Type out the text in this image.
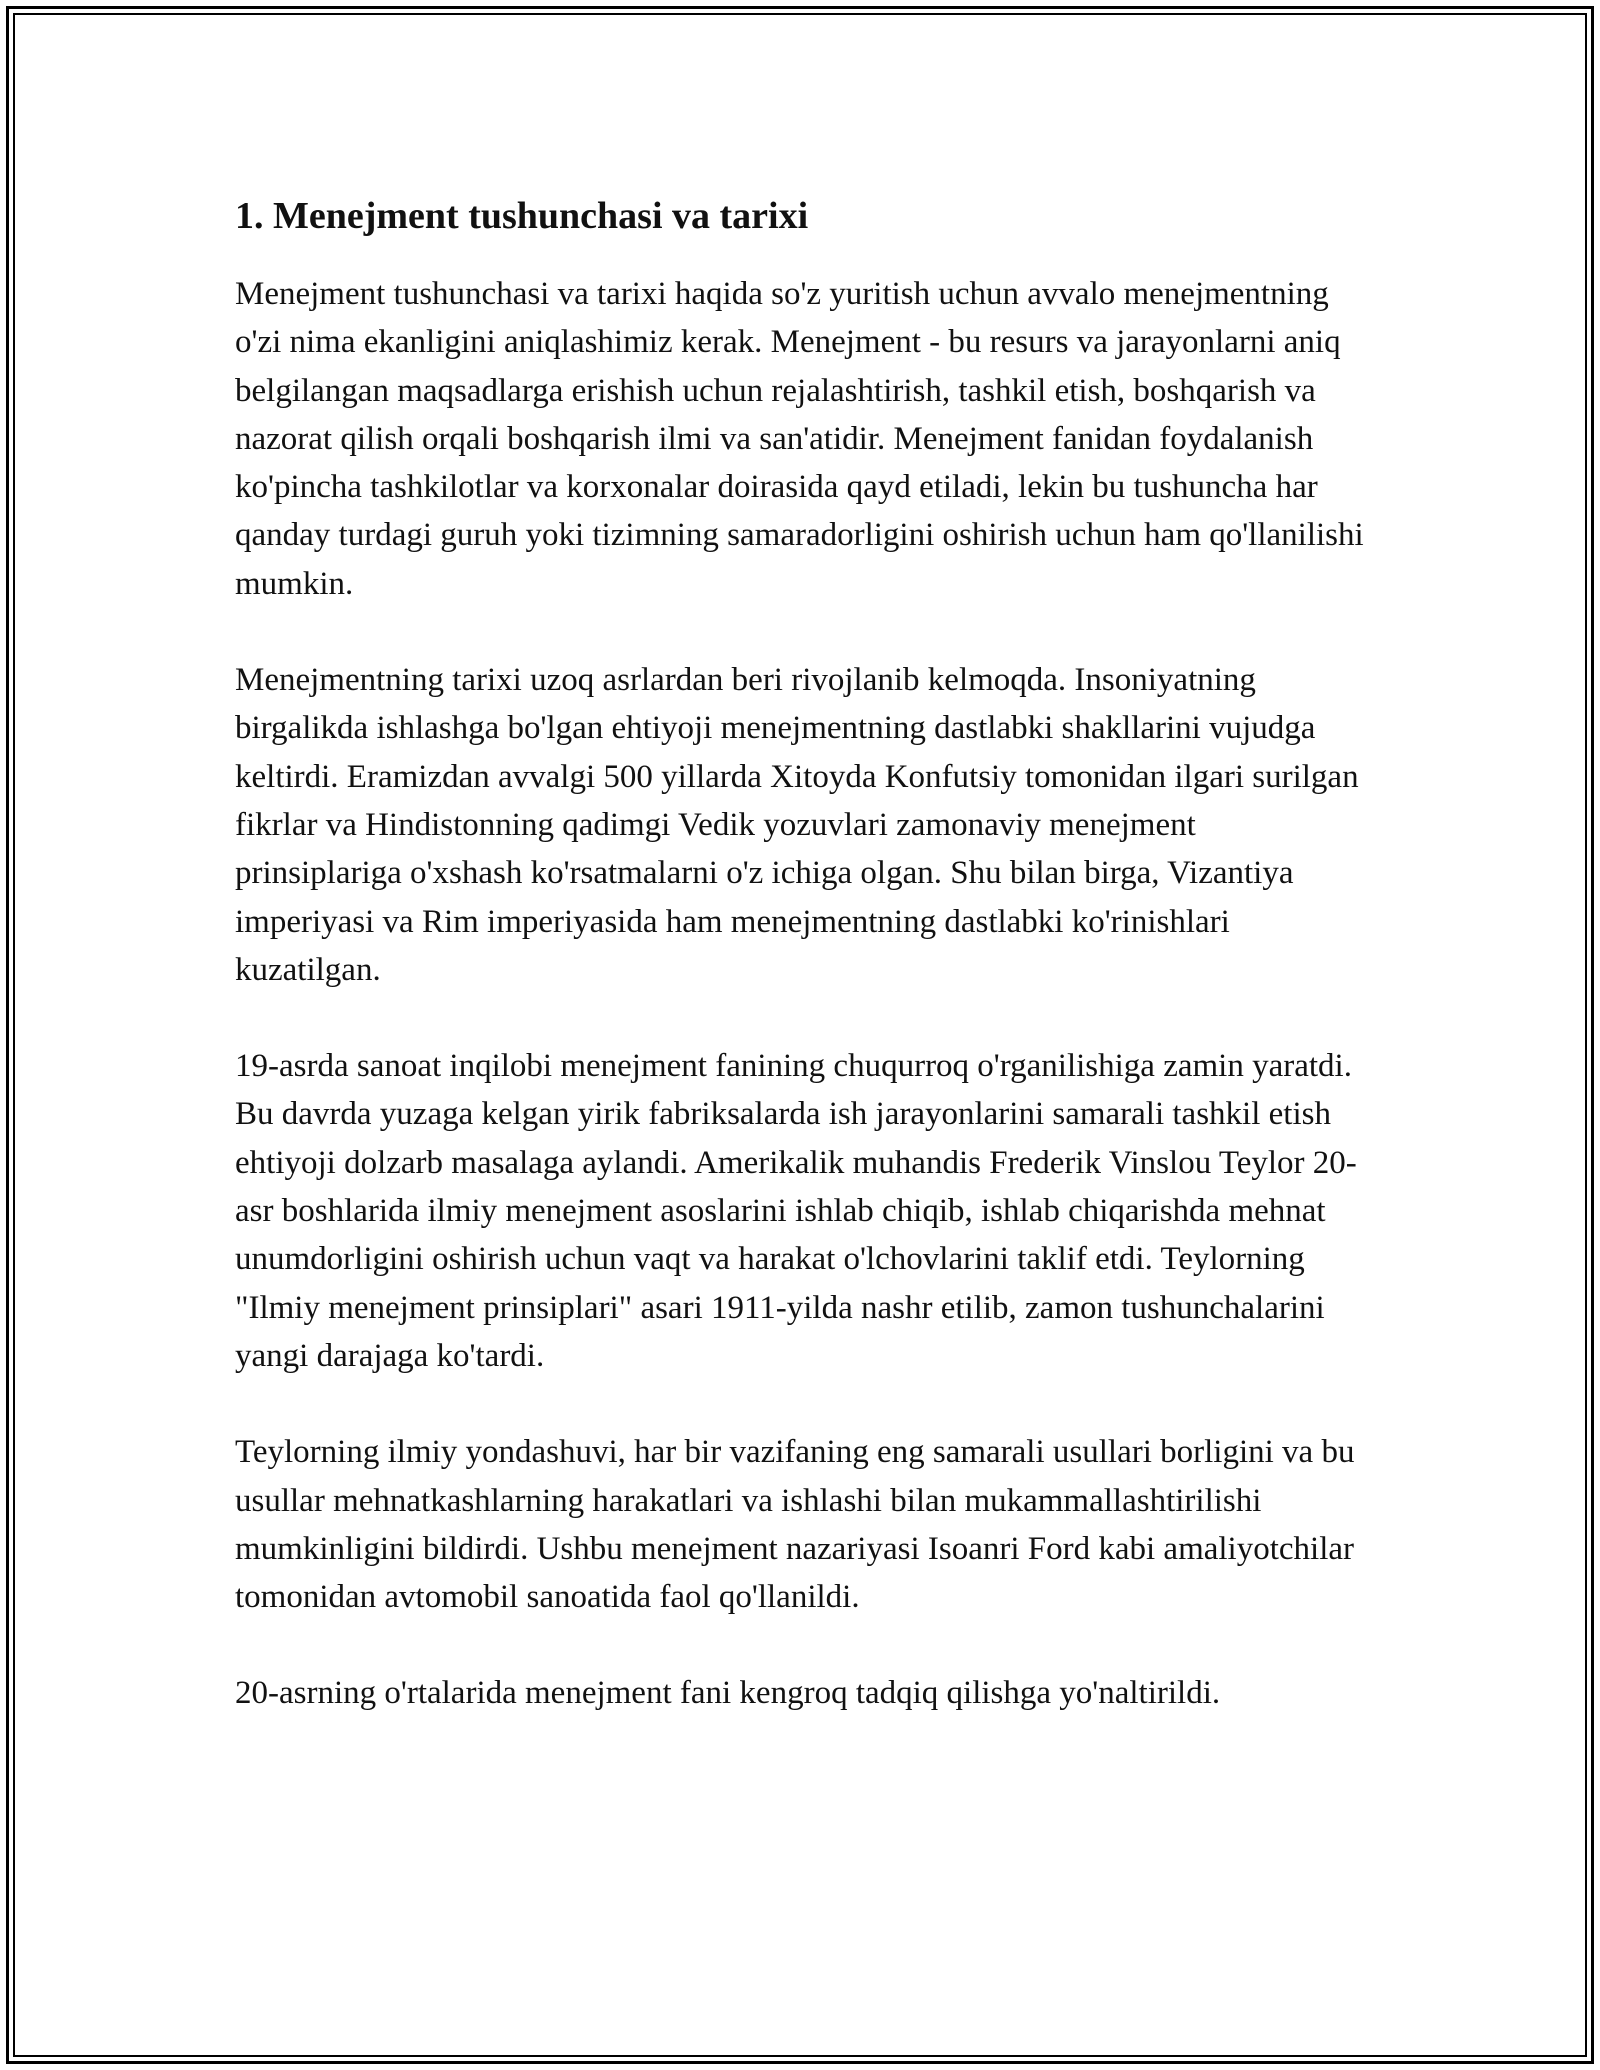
1. Menejment tushunchasi va tarixi

Menejment tushunchasi va tarixi haqida so'z yuritish uchun avvalo menejmentning o'zi nima ekanligini aniqlashimiz kerak. Menejment - bu resurs va jarayonlarni aniq belgilangan maqsadlarga erishish uchun rejalashtirish, tashkil etish, boshqarish va nazorat qilish orqali boshqarish ilmi va san'atidir. Menejment fanidan foydalanish ko'pincha tashkilotlar va korxonalar doirasida qayd etiladi, lekin bu tushuncha har qanday turdagi guruh yoki tizimning samaradorligini oshirish uchun ham qo'llanilishi mumkin.

Menejmentning tarixi uzoq asrlardan beri rivojlanib kelmoqda. Insoniyatning birgalikda ishlashga bo'lgan ehtiyoji menejmentning dastlabki shakllarini vujudga keltirdi. Eramizdan avvalgi 500 yillarda Xitoyda Konfutsiy tomonidan ilgari surilgan fikrlar va Hindistonning qadimgi Vedik yozuvlari zamonaviy menejment prinsiplariga o'xshash ko'rsatmalarni o'z ichiga olgan. Shu bilan birga, Vizantiya imperiyasi va Rim imperiyasida ham menejmentning dastlabki ko'rinishlari kuzatilgan.

19-asrda sanoat inqilobi menejment fanining chuqurroq o'rganilishiga zamin yaratdi. Bu davrda yuzaga kelgan yirik fabriksalarda ish jarayonlarini samarali tashkil etish ehtiyoji dolzarb masalaga aylandi. Amerikalik muhandis Frederik Vinslou Teylor 20-asr boshlarida ilmiy menejment asoslarini ishlab chiqib, ishlab chiqarishda mehnat unumdorligini oshirish uchun vaqt va harakat o'lchovlarini taklif etdi. Teylorning "Ilmiy menejment prinsiplari" asari 1911-yilda nashr etilib, zamon tushunchalarini yangi darajaga ko'tardi.

Teylorning ilmiy yondashuvi, har bir vazifaning eng samarali usullari borligini va bu usullar mehnatkashlarning harakatlari va ishlashi bilan mukammallashtirilishi mumkinligini bildirdi. Ushbu menejment nazariyasi Isoanri Ford kabi amaliyotchilar tomonidan avtomobil sanoatida faol qo'llanildi.

20-asrning o'rtalarida menejment fani kengroq tadqiq qilishga yo'naltirildi.
